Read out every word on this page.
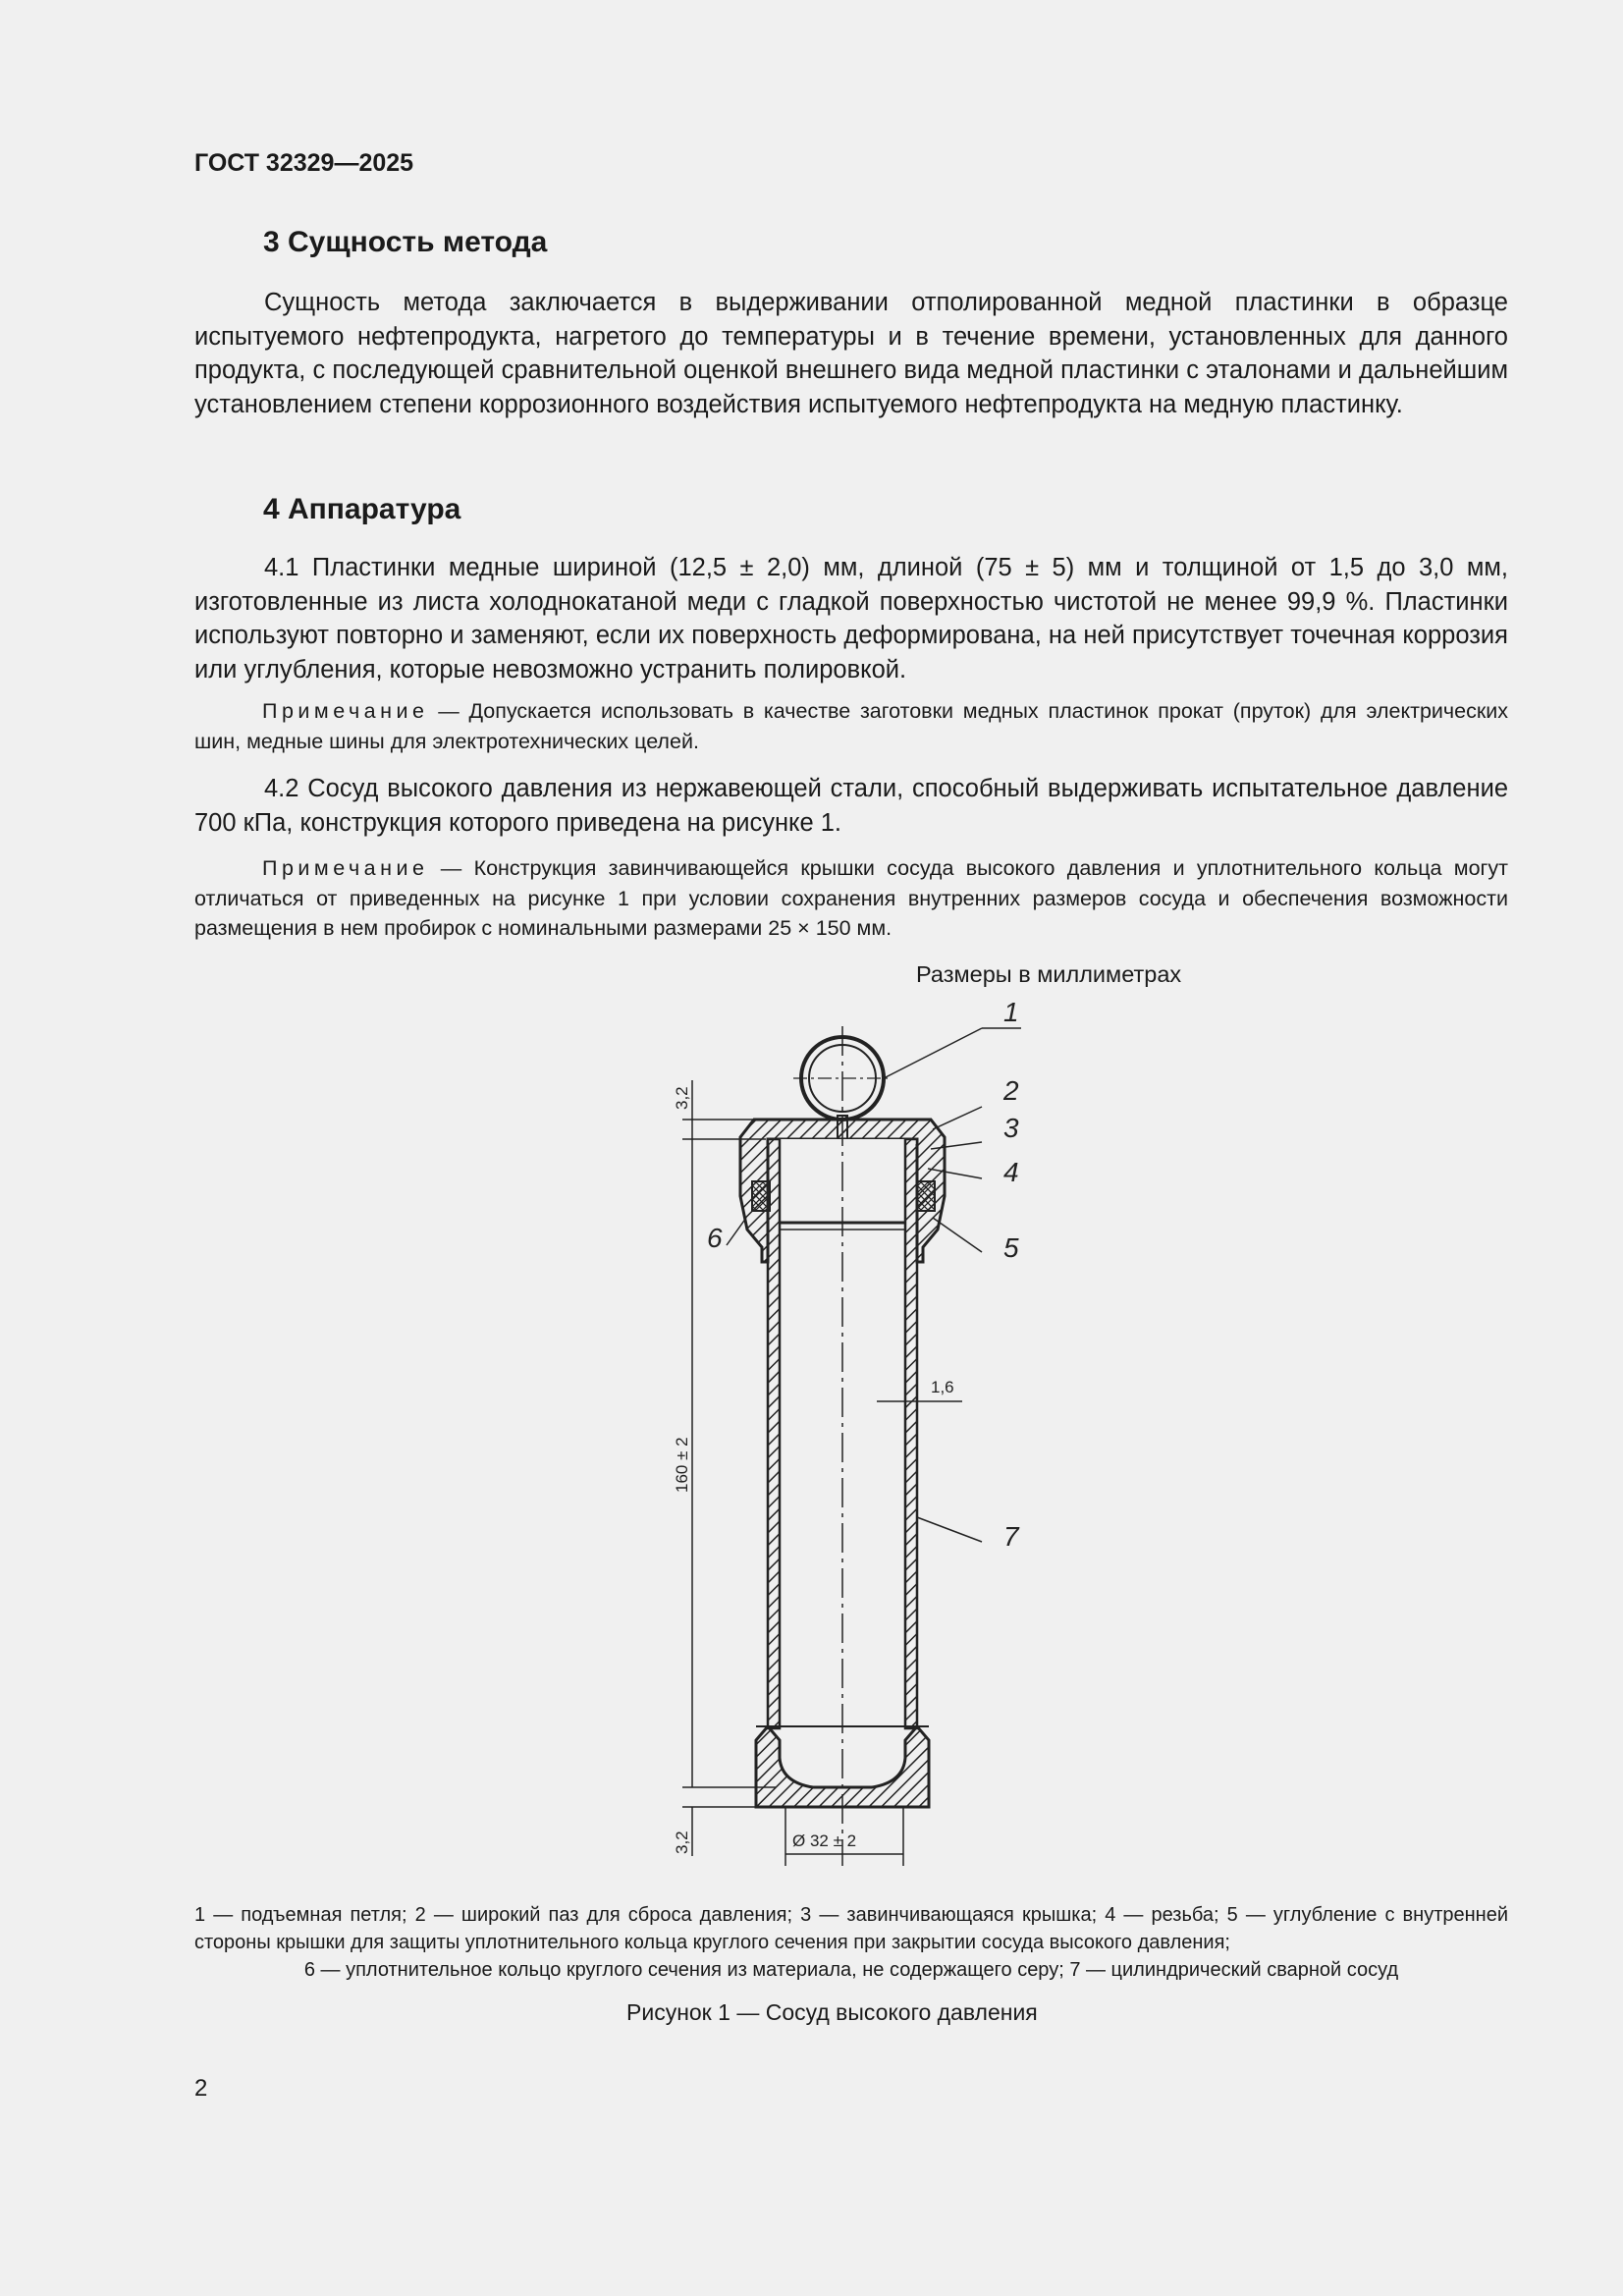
ГОСТ 32329—2025
3 Сущность метода
Сущность метода заключается в выдерживании отполированной медной пластинки в образце испытуемого нефтепродукта, нагретого до температуры и в течение времени, установленных для данного продукта, с последующей сравнительной оценкой внешнего вида медной пластинки с эталонами и дальнейшим установлением степени коррозионного воздействия испытуемого нефтепродукта на медную пластинку.
4 Аппаратура
4.1 Пластинки медные шириной (12,5 ± 2,0) мм, длиной (75 ± 5) мм и толщиной от 1,5 до 3,0 мм, изготовленные из листа холоднокатаной меди с гладкой поверхностью чистотой не менее 99,9 %. Пластинки используют повторно и заменяют, если их поверхность деформирована, на ней присутствует точечная коррозия или углубления, которые невозможно устранить полировкой.
Примечание — Допускается использовать в качестве заготовки медных пластинок прокат (пруток) для электрических шин, медные шины для электротехнических целей.
4.2 Сосуд высокого давления из нержавеющей стали, способный выдерживать испытательное давление 700 кПа, конструкция которого приведена на рисунке 1.
Примечание — Конструкция завинчивающейся крышки сосуда высокого давления и уплотнительного кольца могут отличаться от приведенных на рисунке 1 при условии сохранения внутренних размеров сосуда и обеспечения возможности размещения в нем пробирок с номинальными размерами 25 × 150 мм.
Размеры в миллиметрах
1
2
3
4
5
6
7
3,2
160 ± 2
3,2
1,6
Ø 32 ± 2
1 — подъемная петля; 2 — широкий паз для сброса давления; 3 — завинчивающаяся крышка; 4 — резьба; 5 — углубление с внутренней стороны крышки для защиты уплотнительного кольца круглого сечения при закрытии сосуда высокого давления;
6 — уплотнительное кольцо круглого сечения из материала, не содержащего серу; 7 — цилиндрический сварной сосуд
Рисунок 1 — Сосуд высокого давления
2
